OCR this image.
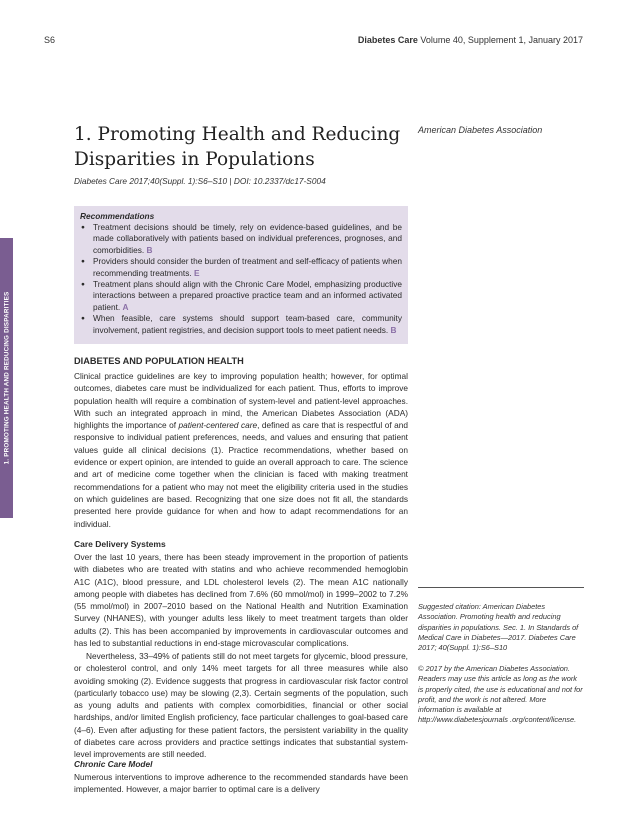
S6	Diabetes Care Volume 40, Supplement 1, January 2017
1. PROMOTING HEALTH AND REDUCING DISPARITIES
1. Promoting Health and Reducing Disparities in Populations
Diabetes Care 2017;40(Suppl. 1):S6–S10 | DOI: 10.2337/dc17-S004
American Diabetes Association

Recommendations

● Treatment decisions should be timely, rely on evidence-based guidelines, and be made collaboratively with patients based on individual preferences, prognoses, and comorbidities. B
● Providers should consider the burden of treatment and self-efficacy of patients when recommending treatments. E
● Treatment plans should align with the Chronic Care Model, emphasizing productive interactions between a prepared proactive practice team and an informed activated patient. A
● When feasible, care systems should support team-based care, community involvement, patient registries, and decision support tools to meet patient needs. B
DIABETES AND POPULATION HEALTH

Clinical practice guidelines are key to improving population health; however, for optimal outcomes, diabetes care must be individualized for each patient. Thus, efforts to improve population health will require a combination of system-level and patient-level approaches. With such an integrated approach in mind, the American Diabetes Association (ADA) highlights the importance of patient-centered care, defined as care that is respectful of and responsive to individual patient preferences, needs, and values and ensuring that patient values guide all clinical decisions (1). Practice recommendations, whether based on evidence or expert opinion, are intended to guide an overall approach to care. The science and art of medicine come together when the clinician is faced with making treatment recommendations for a patient who may not meet the eligibility criteria used in the studies on which guidelines are based. Recognizing that one size does not fit all, the standards presented here provide guidance for when and how to adapt recommendations for an individual.

Care Delivery Systems

Over the last 10 years, there has been steady improvement in the proportion of patients with diabetes who are treated with statins and who achieve recommended hemoglobin A1C (A1C), blood pressure, and LDL cholesterol levels (2). The mean A1C nationally among people with diabetes has declined from 7.6% (60 mmol/mol) in 1999–2002 to 7.2% (55 mmol/mol) in 2007–2010 based on the National Health and Nutrition Examination Survey (NHANES), with younger adults less likely to meet treatment targets than older adults (2). This has been accompanied by improvements in cardiovascular outcomes and has led to substantial reductions in end-stage microvascular complications.

Nevertheless, 33–49% of patients still do not meet targets for glycemic, blood pressure, or cholesterol control, and only 14% meet targets for all three measures while also avoiding smoking (2). Evidence suggests that progress in cardiovascular risk factor control (particularly tobacco use) may be slowing (2,3). Certain segments of the population, such as young adults and patients with complex comorbidities, financial or other social hardships, and/or limited English proficiency, face particular challenges to goal-based care (4–6). Even after adjusting for these patient factors, the persistent variability in the quality of diabetes care across providers and practice settings indicates that substantial system-level improvements are still needed.

Chronic Care Model

Numerous interventions to improve adherence to the recommended standards have been implemented. However, a major barrier to optimal care is a delivery

Suggested citation: American Diabetes Association. Promoting health and reducing disparities in populations. Sec. 1. In Standards of Medical Care in Diabetes—2017. Diabetes Care 2017; 40(Suppl. 1):S6–S10

© 2017 by the American Diabetes Association. Readers may use this article as long as the work is properly cited, the use is educational and not for profit, and the work is not altered. More information is available at http://www.diabetesjournals .org/content/license.
